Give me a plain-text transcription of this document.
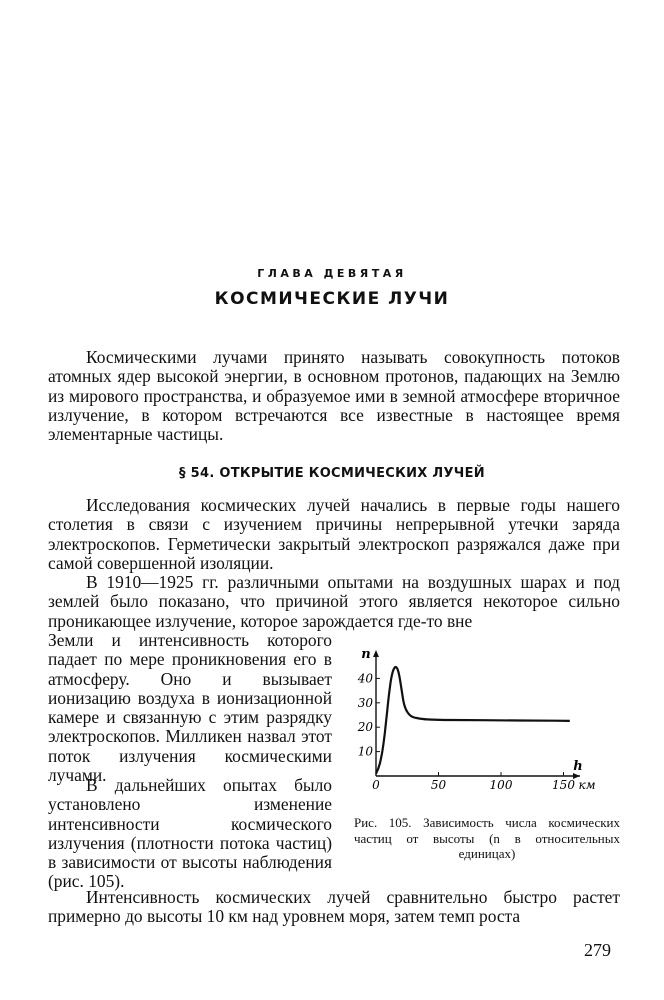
ГЛАВА ДЕВЯТАЯ
КОСМИЧЕСКИЕ ЛУЧИ
Космическими лучами принято называть совокупность потоков атомных ядер высокой энергии, в основном протонов, падающих на Землю из мирового пространства, и образуемое ими в земной атмосфере вторичное излучение, в котором встречаются все известные в настоящее время элементарные частицы.
§ 54. ОТКРЫТИЕ КОСМИЧЕСКИХ ЛУЧЕЙ
Исследования космических лучей начались в первые годы нашего столетия в связи с изучением причины непрерывной утечки заряда электроскопов. Герметически закрытый электроскоп разряжался даже при самой совершенной изоляции.
В 1910—1925 гг. различными опытами на воздушных шарах и под землей было показано, что причиной этого является некоторое сильно проникающее излучение, которое зарождается где-то вне
Земли и интенсивность которого падает по мере проникновения его в атмосферу. Оно и вызывает ионизацию воздуха в ионизационной камере и связанную с этим разрядку электроскопов. Милликен назвал этот поток излучения космическими лучами.
В дальнейших опытах было установлено изменение интенсивности космического излучения (плотности потока частиц) в зависимости от высоты наблюдения (рис. 105).
Интенсивность космических лучей сравнительно быстро растет примерно до высоты 10 км над уровнем моря, затем темп роста
0	50	100	150 км
h
10
20
30
40
n
Рис. 105. Зависимость числа космических частиц от высоты (n в относительных единицах)
279
